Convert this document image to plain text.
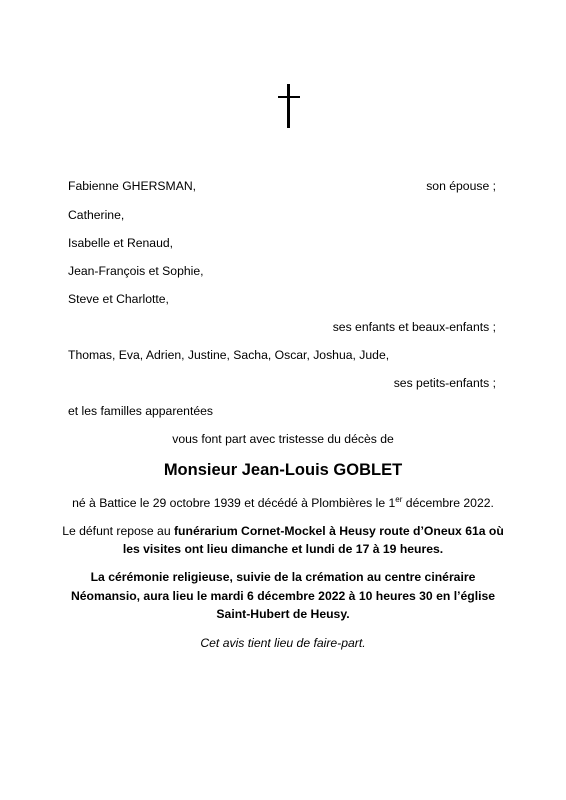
Fabienne GHERSMAN,	son épouse ;
Catherine,
Isabelle et Renaud,
Jean-François et Sophie,
Steve et Charlotte,
ses enfants et beaux-enfants ;
Thomas, Eva, Adrien, Justine, Sacha, Oscar, Joshua, Jude,
ses petits-enfants ;
et les familles apparentées
vous font part avec tristesse du décès de
Monsieur Jean-Louis GOBLET
né à Battice le 29 octobre 1939 et décédé à Plombières le 1er décembre 2022.
Le défunt repose au funérarium Cornet-Mockel à Heusy route d’Oneux 61a où
les visites ont lieu dimanche et lundi de 17 à 19 heures.
La cérémonie religieuse, suivie de la crémation au centre cinéraire
Néomansio, aura lieu le mardi 6 décembre 2022 à 10 heures 30 en l’église
Saint-Hubert de Heusy.
Cet avis tient lieu de faire-part.
